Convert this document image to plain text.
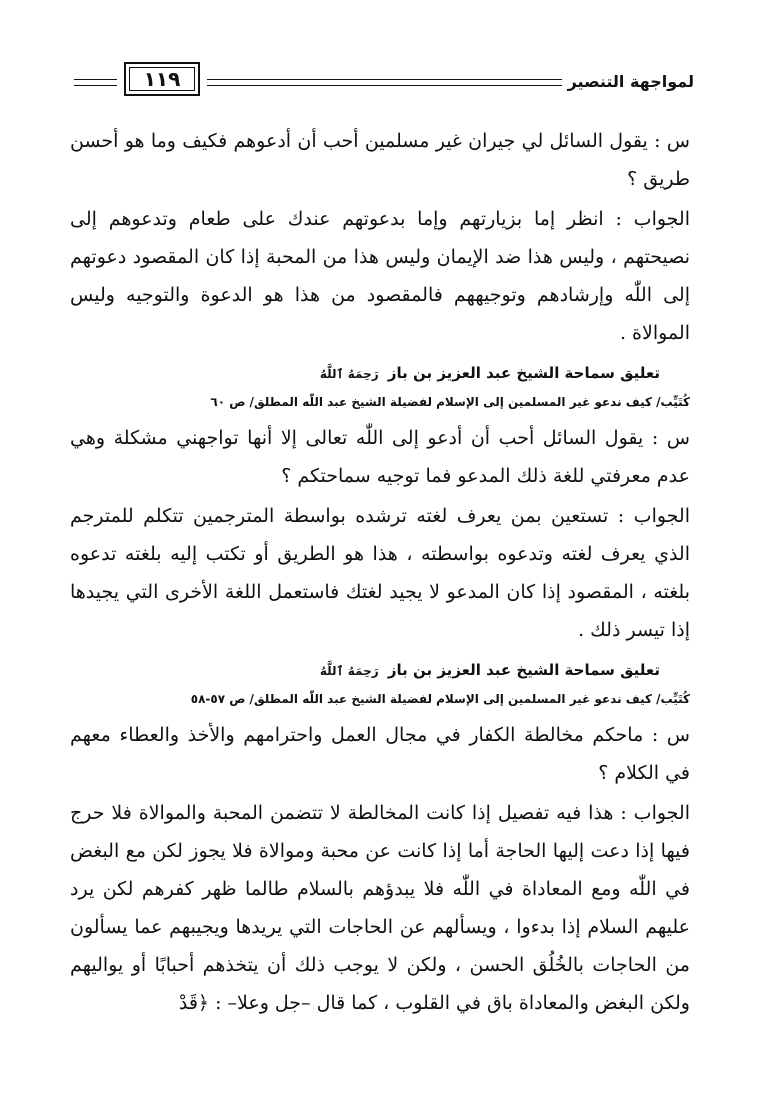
لمواجهة التنصير
١١٩

س : يقول السائل لي جيران غير مسلمين أحب أن أدعوهم فكيف وما هو أحسن طريق ؟

الجواب : انظر إما بزيارتهم وإما بدعوتهم عندك على طعام وتدعوهم إلى نصيحتهم ، وليس هذا ضد الإيمان وليس هذا من المحبة إذا كان المقصود دعوتهم إلى اللّٰه وإرشادهم وتوجيههم فالمقصود من هذا هو الدعوة والتوجيه وليس الموالاة .

تعليق سماحة الشيخ عبد العزيز بن باز رَحِمَهُ ٱللَّهُ
كُتَيِّب/ كيف ندعو غير المسلمين إلى الإسلام لفضيلة الشيخ عبد اللّٰه المطلق/ ص ٦٠

س : يقول السائل أحب أن أدعو إلى اللّٰه تعالى إلا أنها تواجهني مشكلة وهي عدم معرفتي للغة ذلك المدعو فما توجيه سماحتكم ؟

الجواب : تستعين بمن يعرف لغته ترشده بواسطة المترجمين تتكلم للمترجم الذي يعرف لغته وتدعوه بواسطته ، هذا هو الطريق أو تكتب إليه بلغته تدعوه بلغته ، المقصود إذا كان المدعو لا يجيد لغتك فاستعمل اللغة الأخرى التي يجيدها إذا تيسر ذلك .

تعليق سماحة الشيخ عبد العزيز بن باز رَحِمَهُ ٱللَّهُ
كُتَيِّب/ كيف ندعو غير المسلمين إلى الإسلام لفضيلة الشيخ عبد اللّٰه المطلق/ ص ٥٧-٥٨

س : ماحكم مخالطة الكفار في مجال العمل واحترامهم والأخذ والعطاء معهم في الكلام ؟

الجواب : هذا فيه تفصيل إذا كانت المخالطة لا تتضمن المحبة والموالاة فلا حرج فيها إذا دعت إليها الحاجة أما إذا كانت عن محبة وموالاة فلا يجوز لكن مع البغض في اللّٰه ومع المعاداة في اللّٰه فلا يبدؤهم بالسلام طالما ظهر كفرهم لكن يرد عليهم السلام إذا بدءوا ، ويسألهم عن الحاجات التي يريدها ويجيبهم عما يسألون من الحاجات بالخُلُق الحسن ، ولكن لا يوجب ذلك أن يتخذهم أحبابًا أو يواليهم ولكن البغض والمعاداة باق في القلوب ، كما قال –جل وعلا– : ﴿قَدْ
